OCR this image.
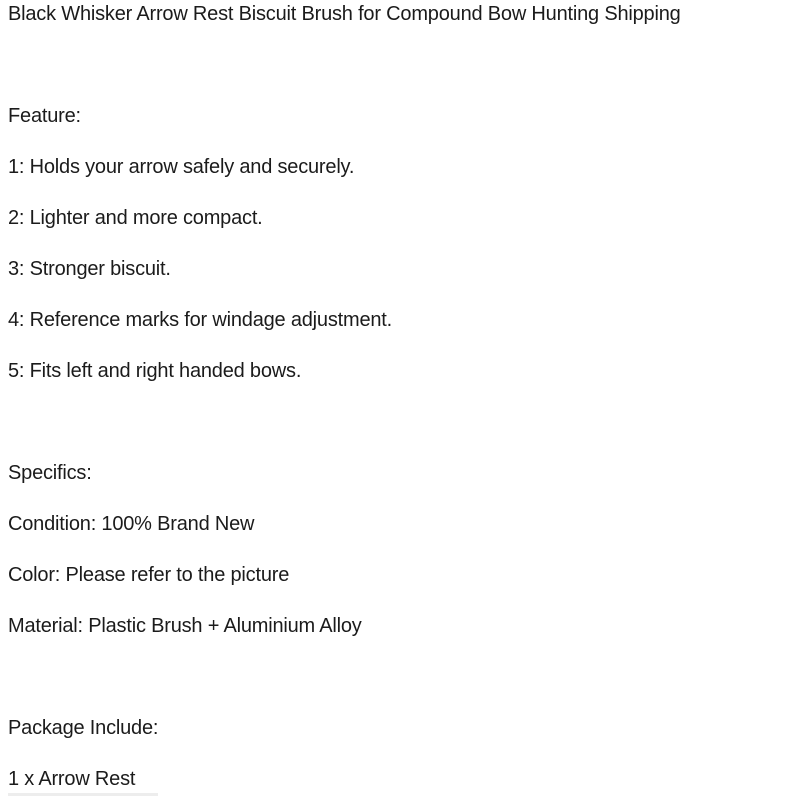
Black Whisker Arrow Rest Biscuit Brush for Compound Bow Hunting Shipping

Feature:

1: Holds your arrow safely and securely.

2: Lighter and more compact.

3: Stronger biscuit.

4: Reference marks for windage adjustment.

5: Fits left and right handed bows.

Specifics:

Condition: 100% Brand New

Color: Please refer to the picture

Material: Plastic Brush + Aluminium Alloy

Package Include:

1 x Arrow Rest
